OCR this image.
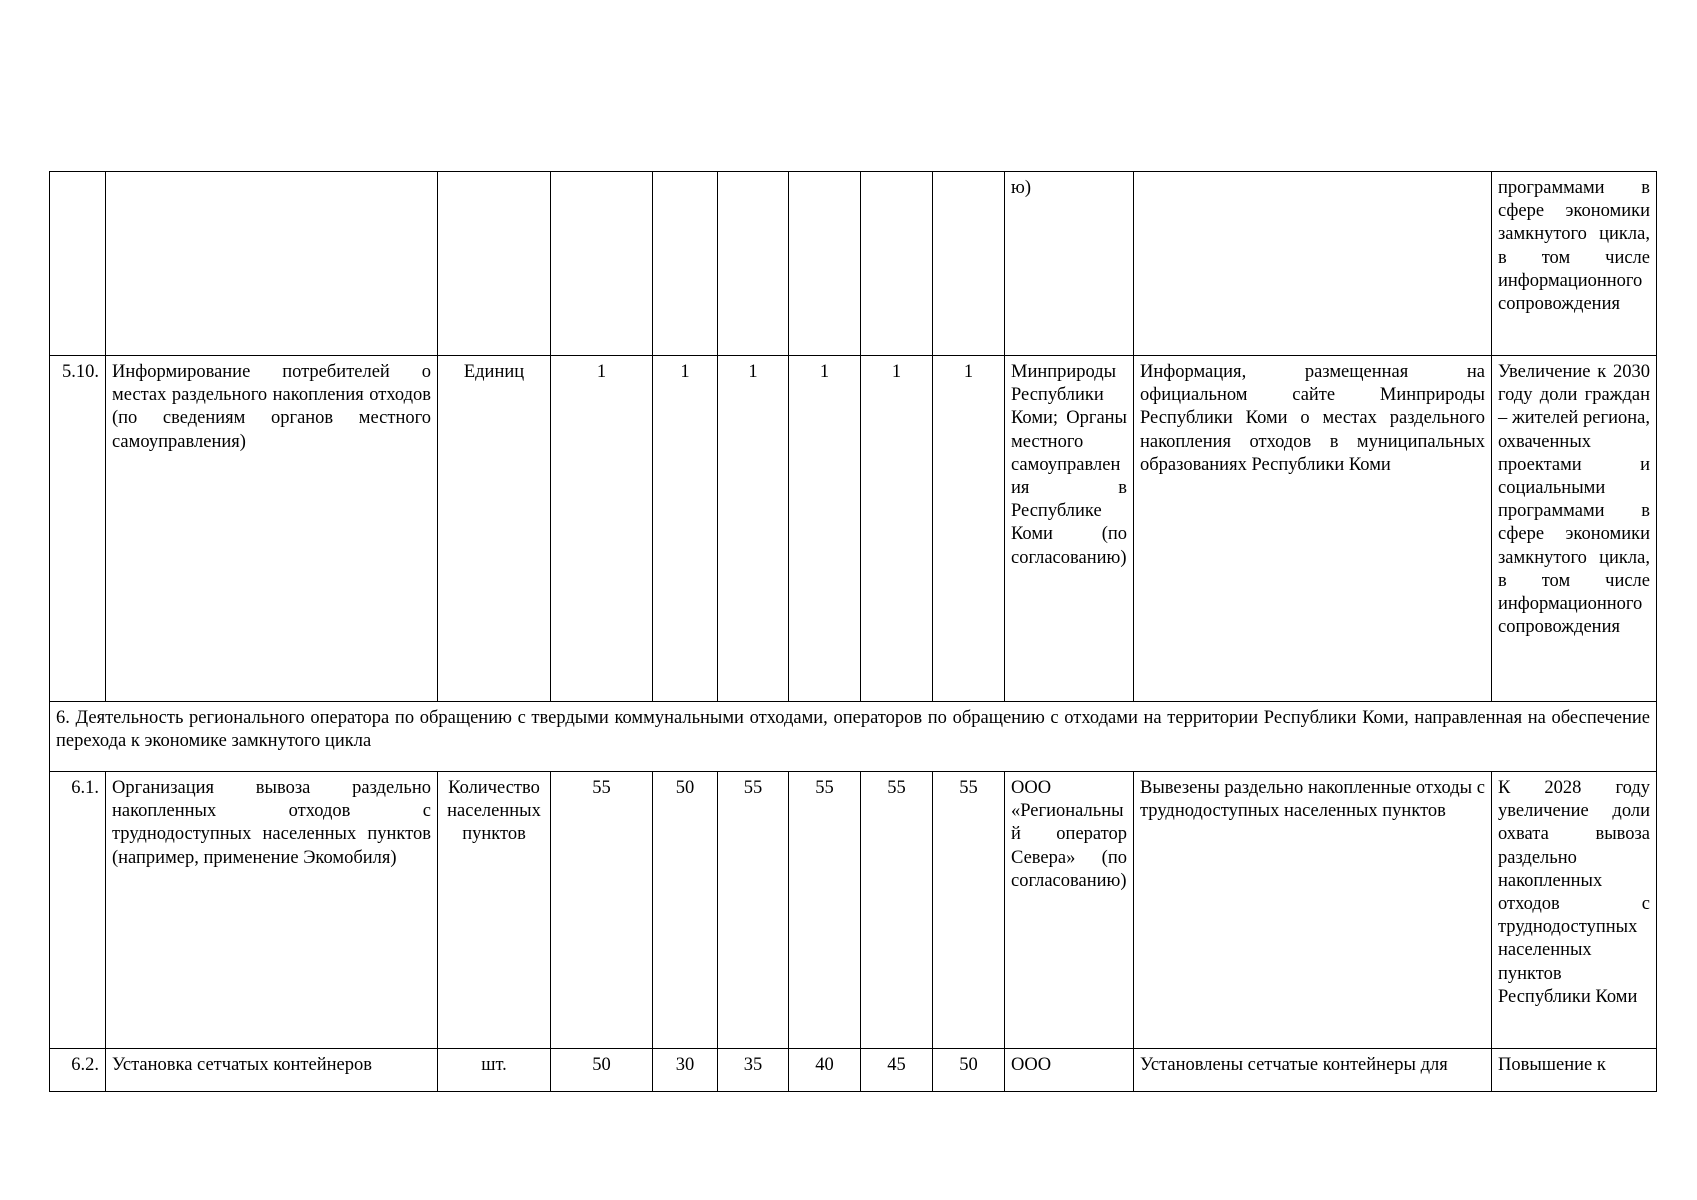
									ю)		программами в сфере экономики замкнутого цикла, в том числе информационного сопровождения
5.10.	Информирование потребителей о местах раздельного накопления отходов (по сведениям органов местного самоуправления)	Единиц	1	1	1	1	1	1	Минприроды Республики Коми; Органы местного самоуправления в Республике Коми (по согласованию)	Информация, размещенная на официальном сайте Минприроды Республики Коми о местах раздельного накопления отходов в муниципальных образованиях Республики Коми	Увеличение к 2030 году доли граждан – жителей региона, охваченных проектами и социальными программами в сфере экономики замкнутого цикла, в том числе информационного сопровождения
6. Деятельность регионального оператора по обращению с твердыми коммунальными отходами, операторов по обращению с отходами на территории Республики Коми, направленная на обеспечение перехода к экономике замкнутого цикла											
6.1.	Организация вывоза раздельно накопленных отходов с труднодоступных населенных пунктов (например, применение Экомобиля)	Количество населенных пунктов	55	50	55	55	55	55	ООО «Региональный оператор Севера» (по согласованию)	Вывезены раздельно накопленные отходы с труднодоступных населенных пунктов	К 2028 году увеличение доли охвата вывоза раздельно накопленных отходов с труднодоступных населенных пунктов Республики Коми
6.2.	Установка сетчатых контейнеров	шт.	50	30	35	40	45	50	ООО	Установлены сетчатые контейнеры для	Повышение к
